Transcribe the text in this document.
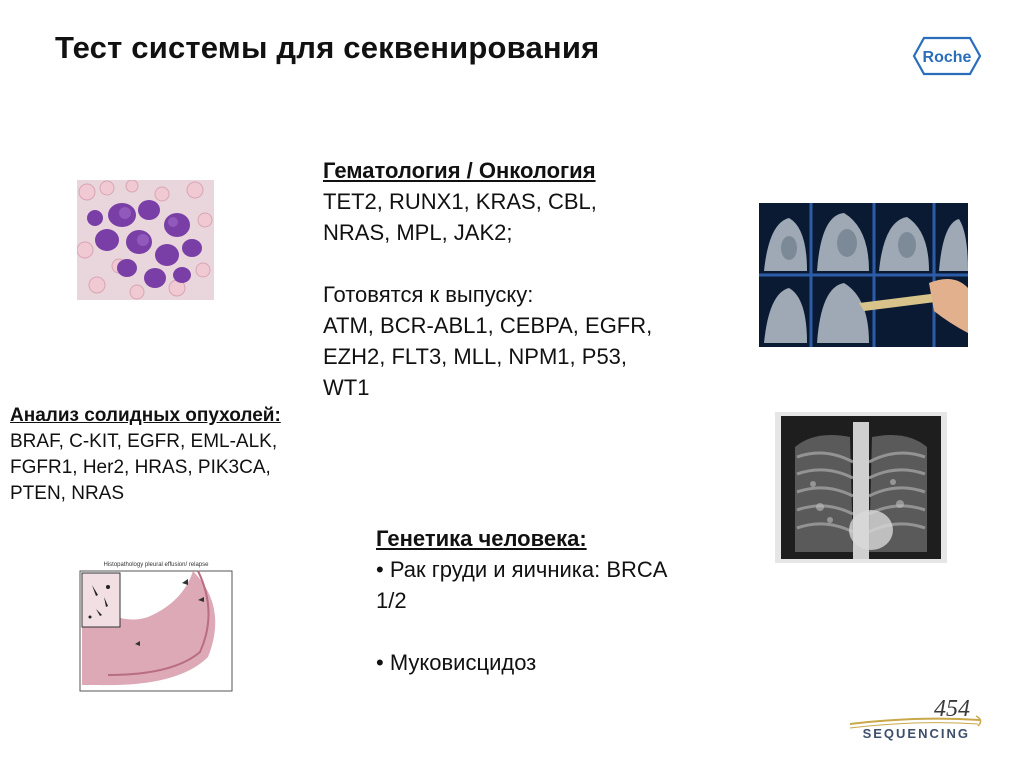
Тест системы для секвенирования	Roche

Гематология / Онкология

TET2, RUNX1, KRAS, CBL,

NRAS, MPL, JAK2;

Готовятся к выпуску:

ATM, BCR-ABL1, CEBPA, EGFR,

EZH2, FLT3, MLL, NPM1, P53,

WT1

Анализ солидных опухолей:

BRAF, C-KIT, EGFR, EML-ALK,

FGFR1, Her2, HRAS, PIK3CA,

PTEN, NRAS

Генетика человека:

• Рак груди и яичника: BRCA

1/2

• Муковисцидоз

Histopathology pleural effusion/ relapse
454
SEQUENCING
